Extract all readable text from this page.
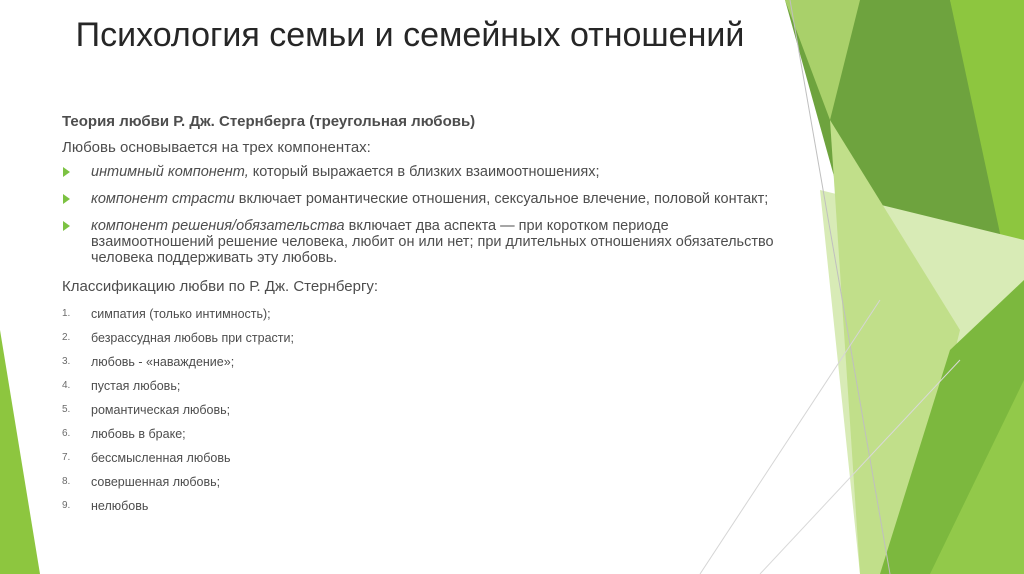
Психология семьи и семейных отношений

Теория любви Р. Дж. Стернберга (треугольная любовь)

Любовь основывается на трех компонентах:

интимный компонент, который выражается в близких взаимоотношениях;
компонент страсти включает романтические отношения, сексуальное влечение, половой контакт;
компонент решения/обязательства включает два аспекта — при коротком периоде взаимоотношений решение человека, любит он или нет; при длительных отношениях обязательство человека поддерживать эту любовь.

Классификацию любви по Р. Дж. Стернбергу:

1. симпатия (только интимность);
2. безрассудная любовь при страсти;
3. любовь - «наваждение»;
4. пустая любовь;
5. романтическая любовь;
6. любовь в браке;
7. бессмысленная любовь
8. совершенная любовь;
9. нелюбовь
